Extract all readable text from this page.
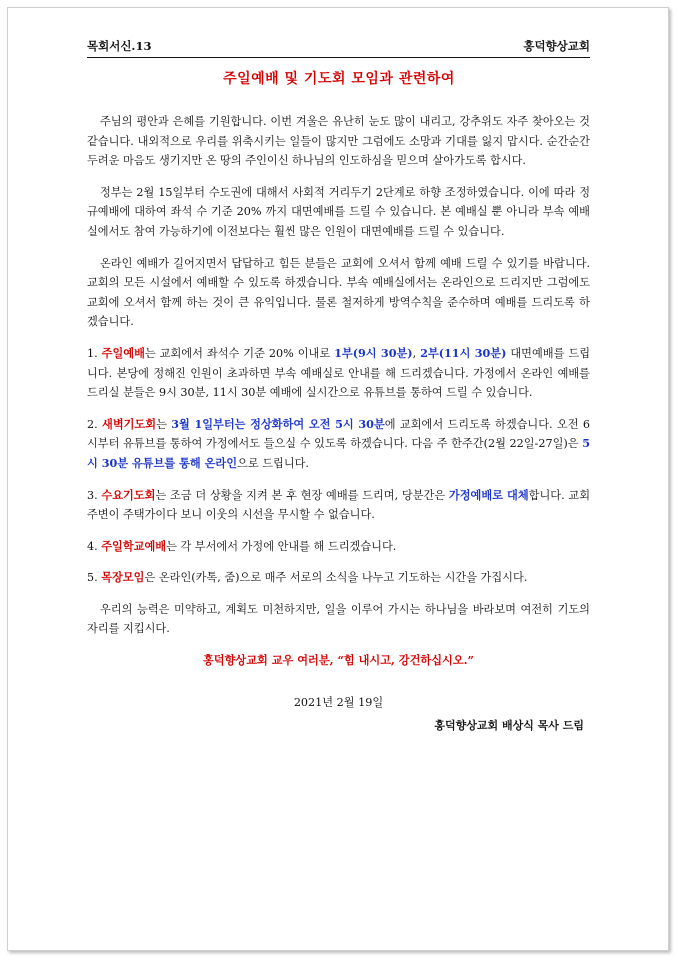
목회서신.13	홍덕향상교회
주일예배 및 기도회 모임과 관련하여

주님의 평안과 은혜를 기원합니다. 이번 겨울은 유난히 눈도 많이 내리고, 강추위도 자주 찾아오는 것 같습니다. 내외적으로 우리를 위축시키는 일들이 많지만 그럼에도 소망과 기대를 잃지 맙시다. 순간순간 두려운 마음도 생기지만 온 땅의 주인이신 하나님의 인도하심을 믿으며 살아가도록 합시다.

정부는 2월 15일부터 수도권에 대해서 사회적 거리두기 2단계로 하향 조정하였습니다. 이에 따라 정규예배에 대하여 좌석 수 기준 20% 까지 대면예배를 드릴 수 있습니다. 본 예배실 뿐 아니라 부속 예배실에서도 참여 가능하기에 이전보다는 훨씬 많은 인원이 대면예배를 드릴 수 있습니다.

온라인 예배가 길어지면서 답답하고 힘든 분들은 교회에 오셔서 함께 예배 드릴 수 있기를 바랍니다. 교회의 모든 시설에서 예배할 수 있도록 하겠습니다. 부속 예배실에서는 온라인으로 드리지만 그럼에도 교회에 오셔서 함께 하는 것이 큰 유익입니다. 물론 철저하게 방역수칙을 준수하며 예배를 드리도록 하겠습니다.

1. 주일예배는 교회에서 좌석수 기준 20% 이내로 1부(9시 30분), 2부(11시 30분) 대면예배를 드립니다. 본당에 정해진 인원이 초과하면 부속 예배실로 안내를 해 드리겠습니다. 가정에서 온라인 예배를 드리실 분들은 9시 30분, 11시 30분 예배에 실시간으로 유튜브를 통하여 드릴 수 있습니다.

2. 새벽기도회는 3월 1일부터는 정상화하여 오전 5시 30분에 교회에서 드리도록 하겠습니다. 오전 6시부터 유튜브를 통하여 가정에서도 들으실 수 있도록 하겠습니다. 다음 주 한주간(2월 22일-27일)은 5시 30분 유튜브를 통해 온라인으로 드립니다.

3. 수요기도회는 조금 더 상황을 지켜 본 후 현장 예배를 드리며, 당분간은 가정예배로 대체합니다. 교회 주변이 주택가이다 보니 이웃의 시선을 무시할 수 없습니다.

4. 주일학교예배는 각 부서에서 가정에 안내를 해 드리겠습니다.

5. 목장모임은 온라인(카톡, 줌)으로 매주 서로의 소식을 나누고 기도하는 시간을 가집시다.

우리의 능력은 미약하고, 계획도 미천하지만, 일을 이루어 가시는 하나님을 바라보며 여전히 기도의 자리를 지킵시다.

홍덕향상교회 교우 여러분, “힘 내시고, 강건하십시오.”

2021년 2월 19일

홍덕향상교회 배상식 목사 드림
